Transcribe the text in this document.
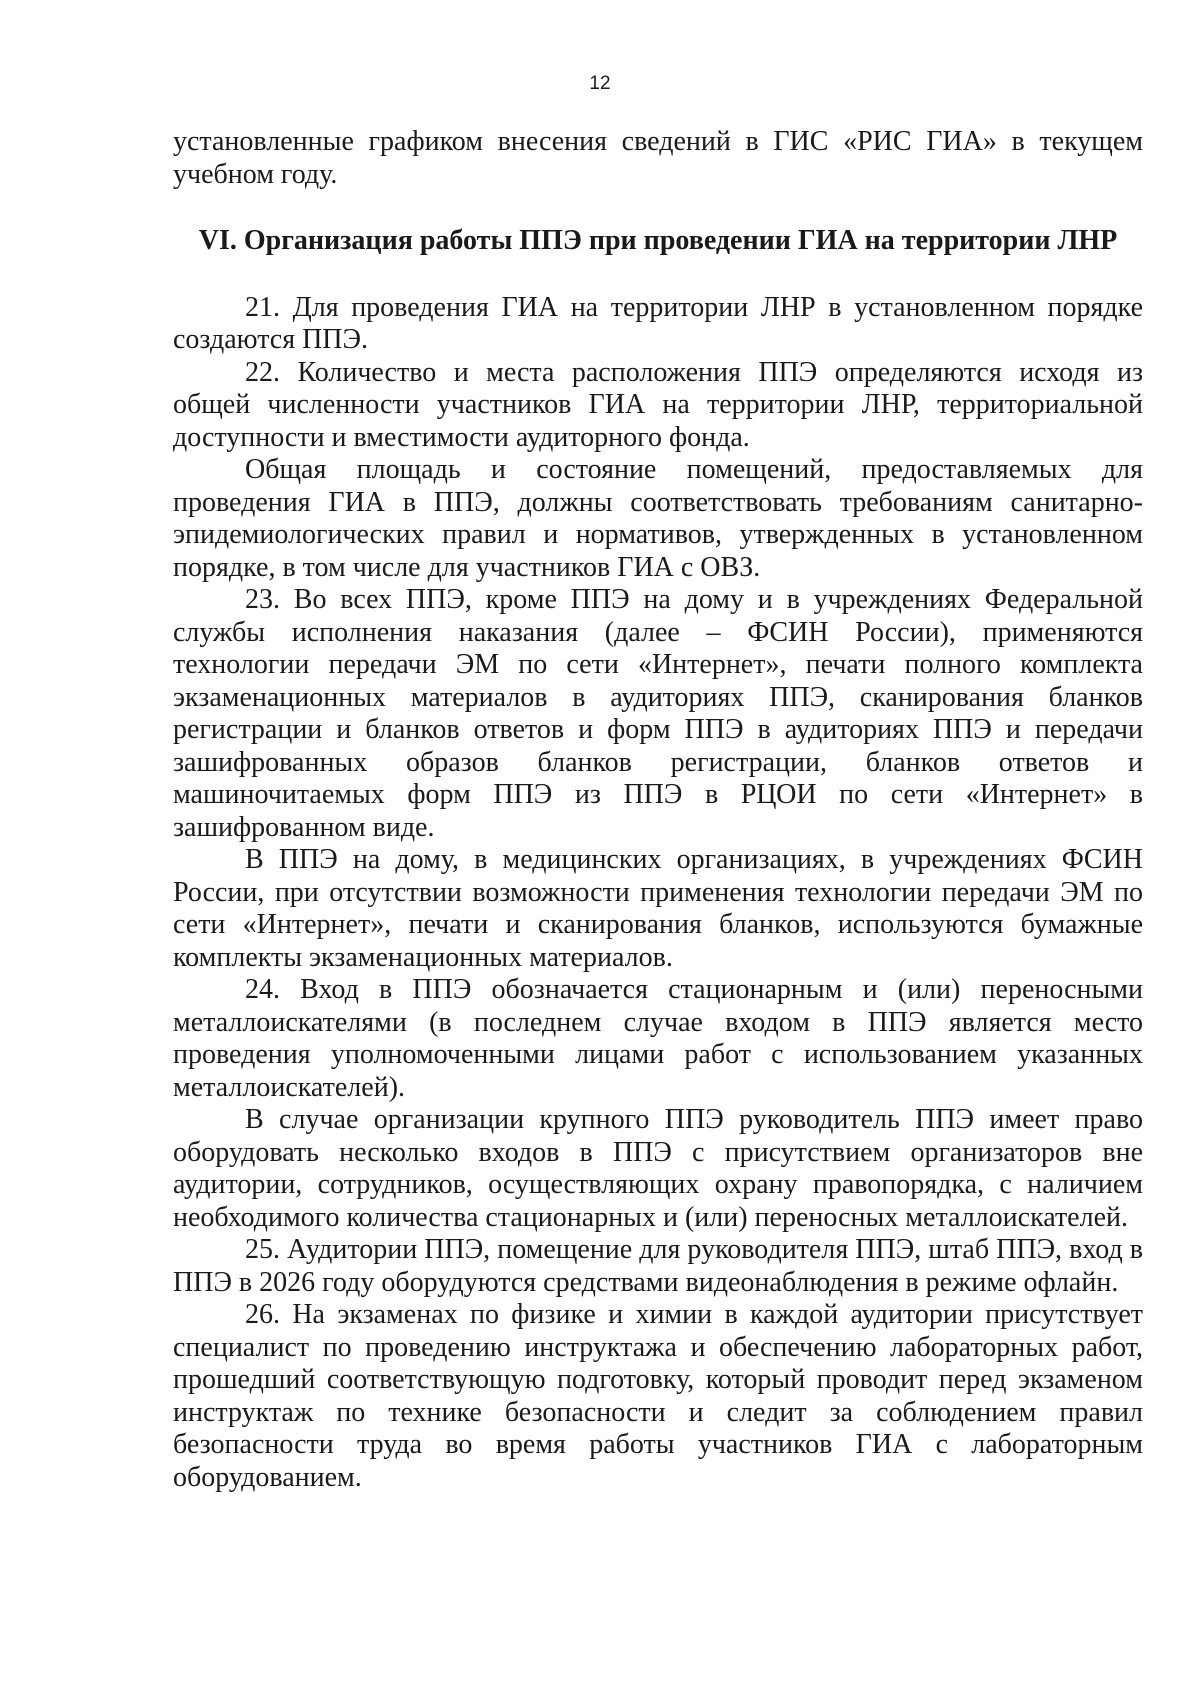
12

установленные графиком внесения сведений в ГИС «РИС ГИА» в текущем учебном году.

VI. Организация работы ППЭ при проведении ГИА на территории ЛНР

21. Для проведения ГИА на территории ЛНР в установленном порядке создаются ППЭ.

22. Количество и места расположения ППЭ определяются исходя из общей численности участников ГИА на территории ЛНР, территориальной доступности и вместимости аудиторного фонда.

Общая площадь и состояние помещений, предоставляемых для проведения ГИА в ППЭ, должны соответствовать требованиям санитарно-эпидемиологических правил и нормативов, утвержденных в установленном порядке, в том числе для участников ГИА с ОВЗ.

23. Во всех ППЭ, кроме ППЭ на дому и в учреждениях Федеральной службы исполнения наказания (далее – ФСИН России), применяются технологии передачи ЭМ по сети «Интернет», печати полного комплекта экзаменационных материалов в аудиториях ППЭ, сканирования бланков регистрации и бланков ответов и форм ППЭ в аудиториях ППЭ и передачи зашифрованных образов бланков регистрации, бланков ответов и машиночитаемых форм ППЭ из ППЭ в РЦОИ по сети «Интернет» в зашифрованном виде.

В ППЭ на дому, в медицинских организациях, в учреждениях ФСИН России, при отсутствии возможности применения технологии передачи ЭМ по сети «Интернет», печати и сканирования бланков, используются бумажные комплекты экзаменационных материалов.

24. Вход в ППЭ обозначается стационарным и (или) переносными металлоискателями (в последнем случае входом в ППЭ является место проведения уполномоченными лицами работ с использованием указанных металлоискателей).

В случае организации крупного ППЭ руководитель ППЭ имеет право оборудовать несколько входов в ППЭ с присутствием организаторов вне аудитории, сотрудников, осуществляющих охрану правопорядка, с наличием необходимого количества стационарных и (или) переносных металлоискателей.

25. Аудитории ППЭ, помещение для руководителя ППЭ, штаб ППЭ, вход в ППЭ в 2026 году оборудуются средствами видеонаблюдения в режиме офлайн.

26. На экзаменах по физике и химии в каждой аудитории присутствует специалист по проведению инструктажа и обеспечению лабораторных работ, прошедший соответствующую подготовку, который проводит перед экзаменом инструктаж по технике безопасности и следит за соблюдением правил безопасности труда во время работы участников ГИА с лабораторным оборудованием.
